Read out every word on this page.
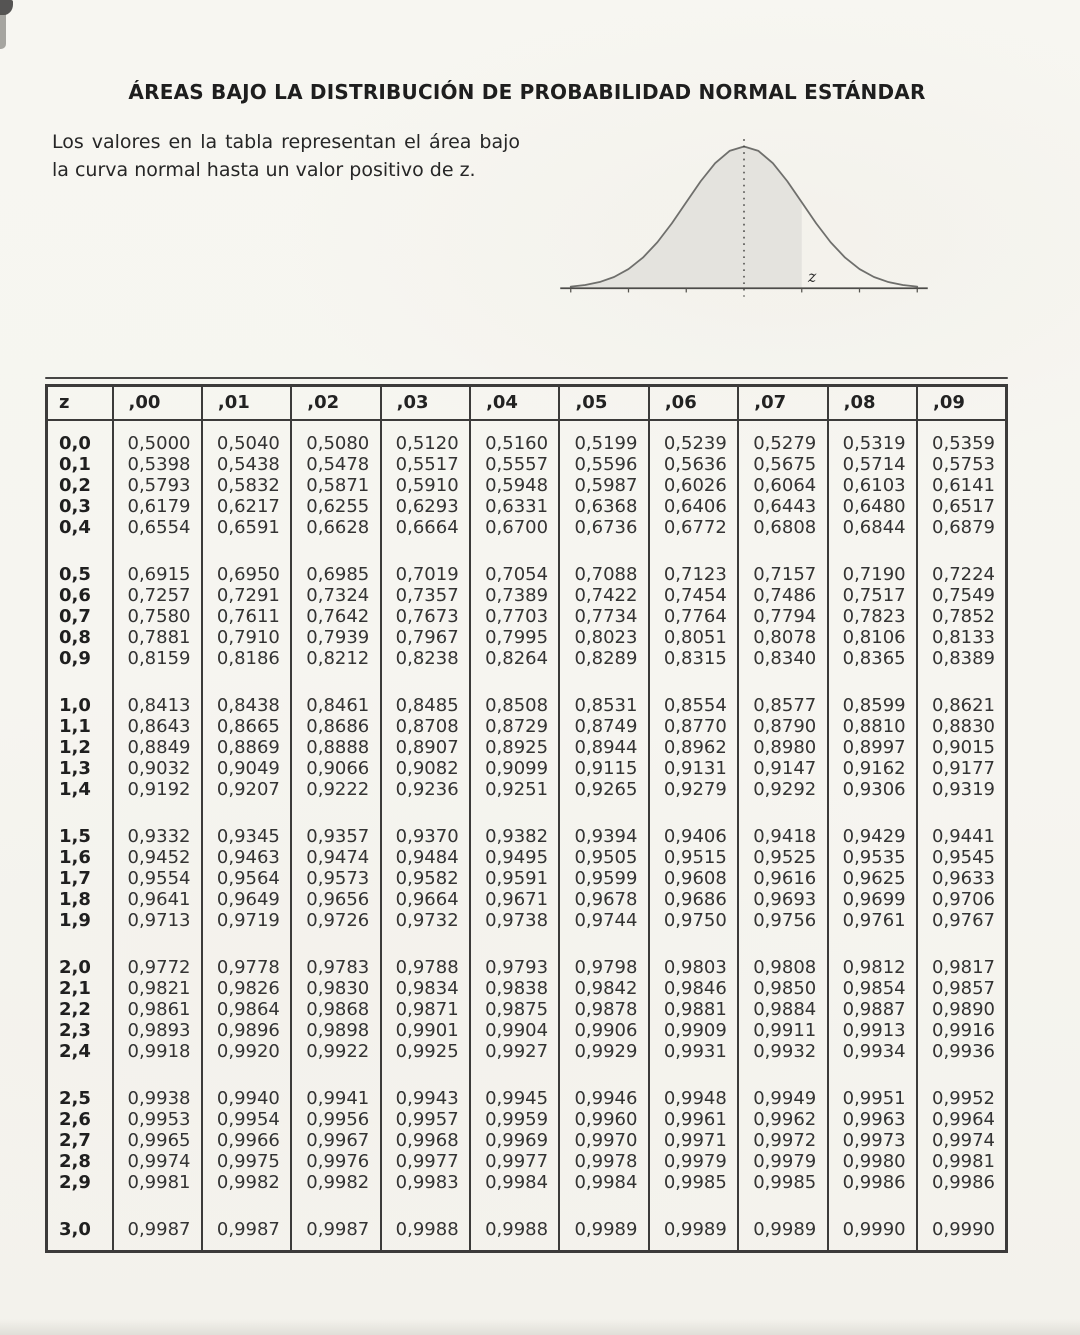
ÁREAS BAJO LA DISTRIBUCIÓN DE PROBABILIDAD NORMAL ESTÁNDAR

Los valores en la tabla representan el área bajo la curva normal hasta un valor positivo de z.

z
z	,00	,01	,02	,03	,04	,05	,06	,07	,08	,09
0,0	0,5000	0,5040	0,5080	0,5120	0,5160	0,5199	0,5239	0,5279	0,5319	0,5359
0,1	0,5398	0,5438	0,5478	0,5517	0,5557	0,5596	0,5636	0,5675	0,5714	0,5753
0,2	0,5793	0,5832	0,5871	0,5910	0,5948	0,5987	0,6026	0,6064	0,6103	0,6141
0,3	0,6179	0,6217	0,6255	0,6293	0,6331	0,6368	0,6406	0,6443	0,6480	0,6517
0,4	0,6554	0,6591	0,6628	0,6664	0,6700	0,6736	0,6772	0,6808	0,6844	0,6879
0,5	0,6915	0,6950	0,6985	0,7019	0,7054	0,7088	0,7123	0,7157	0,7190	0,7224
0,6	0,7257	0,7291	0,7324	0,7357	0,7389	0,7422	0,7454	0,7486	0,7517	0,7549
0,7	0,7580	0,7611	0,7642	0,7673	0,7703	0,7734	0,7764	0,7794	0,7823	0,7852
0,8	0,7881	0,7910	0,7939	0,7967	0,7995	0,8023	0,8051	0,8078	0,8106	0,8133
0,9	0,8159	0,8186	0,8212	0,8238	0,8264	0,8289	0,8315	0,8340	0,8365	0,8389
1,0	0,8413	0,8438	0,8461	0,8485	0,8508	0,8531	0,8554	0,8577	0,8599	0,8621
1,1	0,8643	0,8665	0,8686	0,8708	0,8729	0,8749	0,8770	0,8790	0,8810	0,8830
1,2	0,8849	0,8869	0,8888	0,8907	0,8925	0,8944	0,8962	0,8980	0,8997	0,9015
1,3	0,9032	0,9049	0,9066	0,9082	0,9099	0,9115	0,9131	0,9147	0,9162	0,9177
1,4	0,9192	0,9207	0,9222	0,9236	0,9251	0,9265	0,9279	0,9292	0,9306	0,9319
1,5	0,9332	0,9345	0,9357	0,9370	0,9382	0,9394	0,9406	0,9418	0,9429	0,9441
1,6	0,9452	0,9463	0,9474	0,9484	0,9495	0,9505	0,9515	0,9525	0,9535	0,9545
1,7	0,9554	0,9564	0,9573	0,9582	0,9591	0,9599	0,9608	0,9616	0,9625	0,9633
1,8	0,9641	0,9649	0,9656	0,9664	0,9671	0,9678	0,9686	0,9693	0,9699	0,9706
1,9	0,9713	0,9719	0,9726	0,9732	0,9738	0,9744	0,9750	0,9756	0,9761	0,9767
2,0	0,9772	0,9778	0,9783	0,9788	0,9793	0,9798	0,9803	0,9808	0,9812	0,9817
2,1	0,9821	0,9826	0,9830	0,9834	0,9838	0,9842	0,9846	0,9850	0,9854	0,9857
2,2	0,9861	0,9864	0,9868	0,9871	0,9875	0,9878	0,9881	0,9884	0,9887	0,9890
2,3	0,9893	0,9896	0,9898	0,9901	0,9904	0,9906	0,9909	0,9911	0,9913	0,9916
2,4	0,9918	0,9920	0,9922	0,9925	0,9927	0,9929	0,9931	0,9932	0,9934	0,9936
2,5	0,9938	0,9940	0,9941	0,9943	0,9945	0,9946	0,9948	0,9949	0,9951	0,9952
2,6	0,9953	0,9954	0,9956	0,9957	0,9959	0,9960	0,9961	0,9962	0,9963	0,9964
2,7	0,9965	0,9966	0,9967	0,9968	0,9969	0,9970	0,9971	0,9972	0,9973	0,9974
2,8	0,9974	0,9975	0,9976	0,9977	0,9977	0,9978	0,9979	0,9979	0,9980	0,9981
2,9	0,9981	0,9982	0,9982	0,9983	0,9984	0,9984	0,9985	0,9985	0,9986	0,9986
3,0	0,9987	0,9987	0,9987	0,9988	0,9988	0,9989	0,9989	0,9989	0,9990	0,9990
